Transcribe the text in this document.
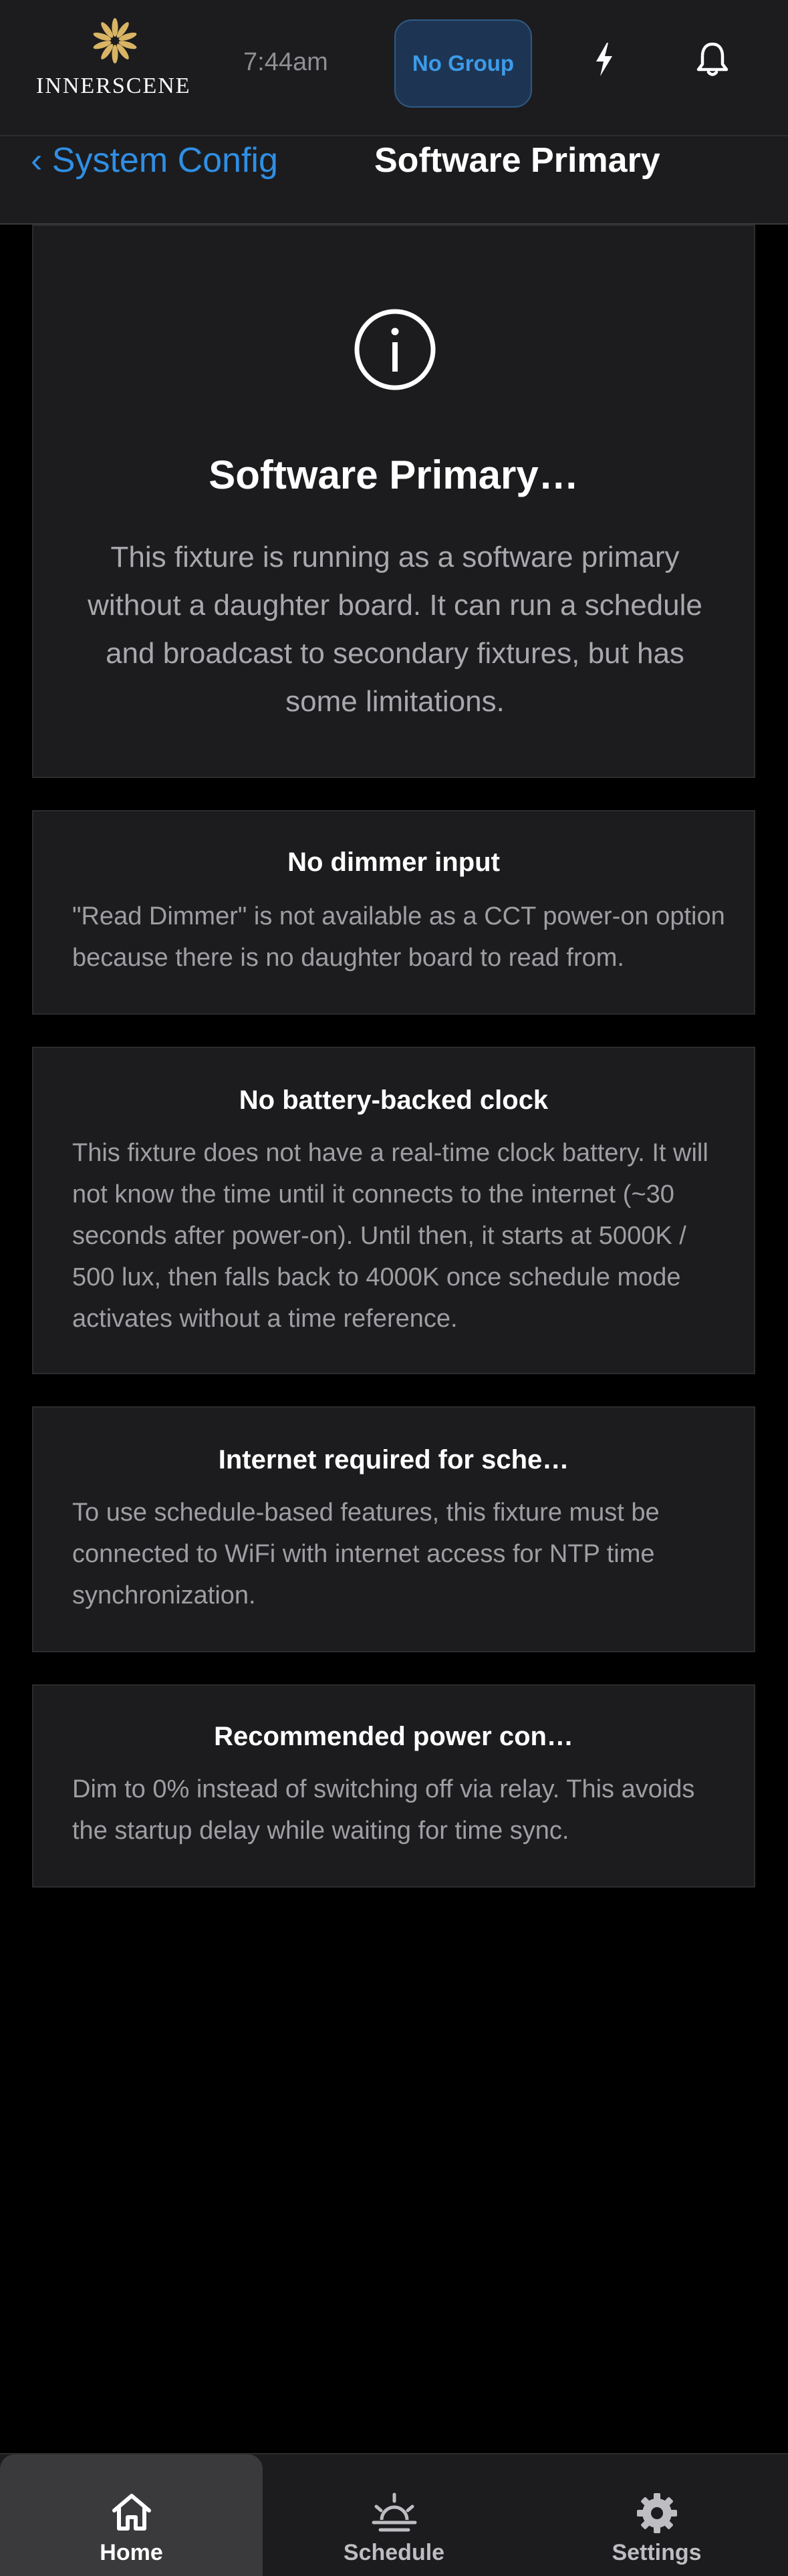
INNERSCENE
7:44am	No Group
‹ System Config	Software Primary
Software Primary…
This fixture is running as a software primary without a daughter board. It can run a schedule and broadcast to secondary fixtures, but has some limitations.
No dimmer input
"Read Dimmer" is not available as a CCT power-on option because there is no daughter board to read from.
No battery-backed clock
This fixture does not have a real-time clock battery. It will not know the time until it connects to the internet (~30 seconds after power-on). Until then, it starts at 5000K / 500 lux, then falls back to 4000K once schedule mode activates without a time reference.
Internet required for sche…
To use schedule-based features, this fixture must be connected to WiFi with internet access for NTP time synchronization.
Recommended power con…
Dim to 0% instead of switching off via relay. This avoids the startup delay while waiting for time sync.
Home	Schedule	Settings
